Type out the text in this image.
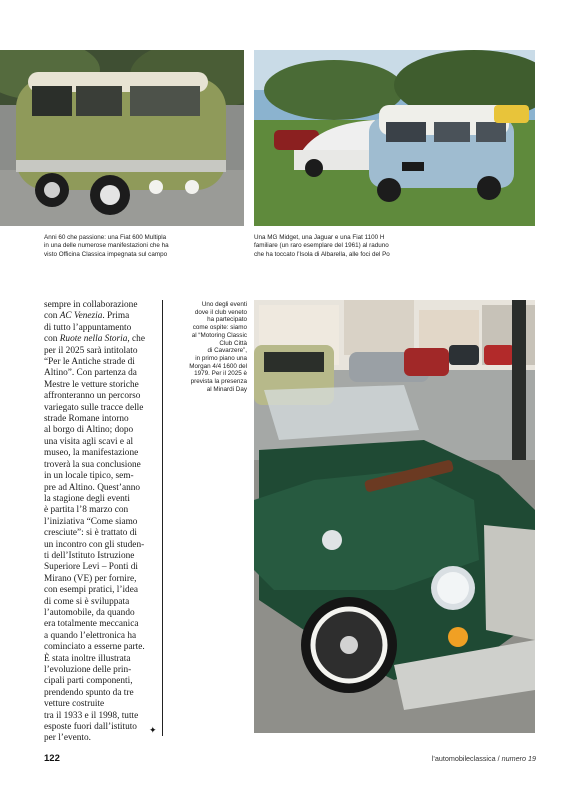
Anni 60 che passione: una Fiat 600 Multipla
in una delle numerose manifestazioni che ha
visto Officina Classica impegnata sul campo
Una MG Midget, una Jaguar e una Fiat 1100 H
familiare (un raro esemplare del 1961) al raduno
che ha toccato l’Isola di Albarella, alle foci del Po
sempre in collaborazione
con AC Venezia. Prima
di tutto l’appuntamento
con Ruote nella Storia, che
per il 2025 sarà intitolato
“Per le Antiche strade di
Altino”. Con partenza da
Mestre le vetture storiche
affronteranno un percorso
variegato sulle tracce delle
strade Romane intorno
al borgo di Altino; dopo
una visita agli scavi e al
museo, la manifestazione
troverà la sua conclusione
in un locale tipico, sem-
pre ad Altino. Quest’anno
la stagione degli eventi
è partita l’8 marzo con
l’iniziativa “Come siamo
cresciute”: si è trattato di
un incontro con gli studen-
ti dell’Istituto Istruzione
Superiore Levi – Ponti di
Mirano (VE) per fornire,
con esempi pratici, l’idea
di come si è sviluppata
l’automobile, da quando
era totalmente meccanica
a quando l’elettronica ha
cominciato a esserne parte.
È stata inoltre illustrata
l’evoluzione delle prin-
cipali parti componenti,
prendendo spunto da tre
vetture costruite
tra il 1933 e il 1998, tutte
esposte fuori dall’istituto
per l’evento.
✦
Uno degli eventi
dove il club veneto
ha partecipato
come ospite: siamo
al “Motoring Classic
Club Città
di Cavarzere”,
in primo piano una
Morgan 4/4 1600 del
1979. Per il 2025 è
prevista la presenza
al Minardi Day
122	l’automobileclassica / numero 19
